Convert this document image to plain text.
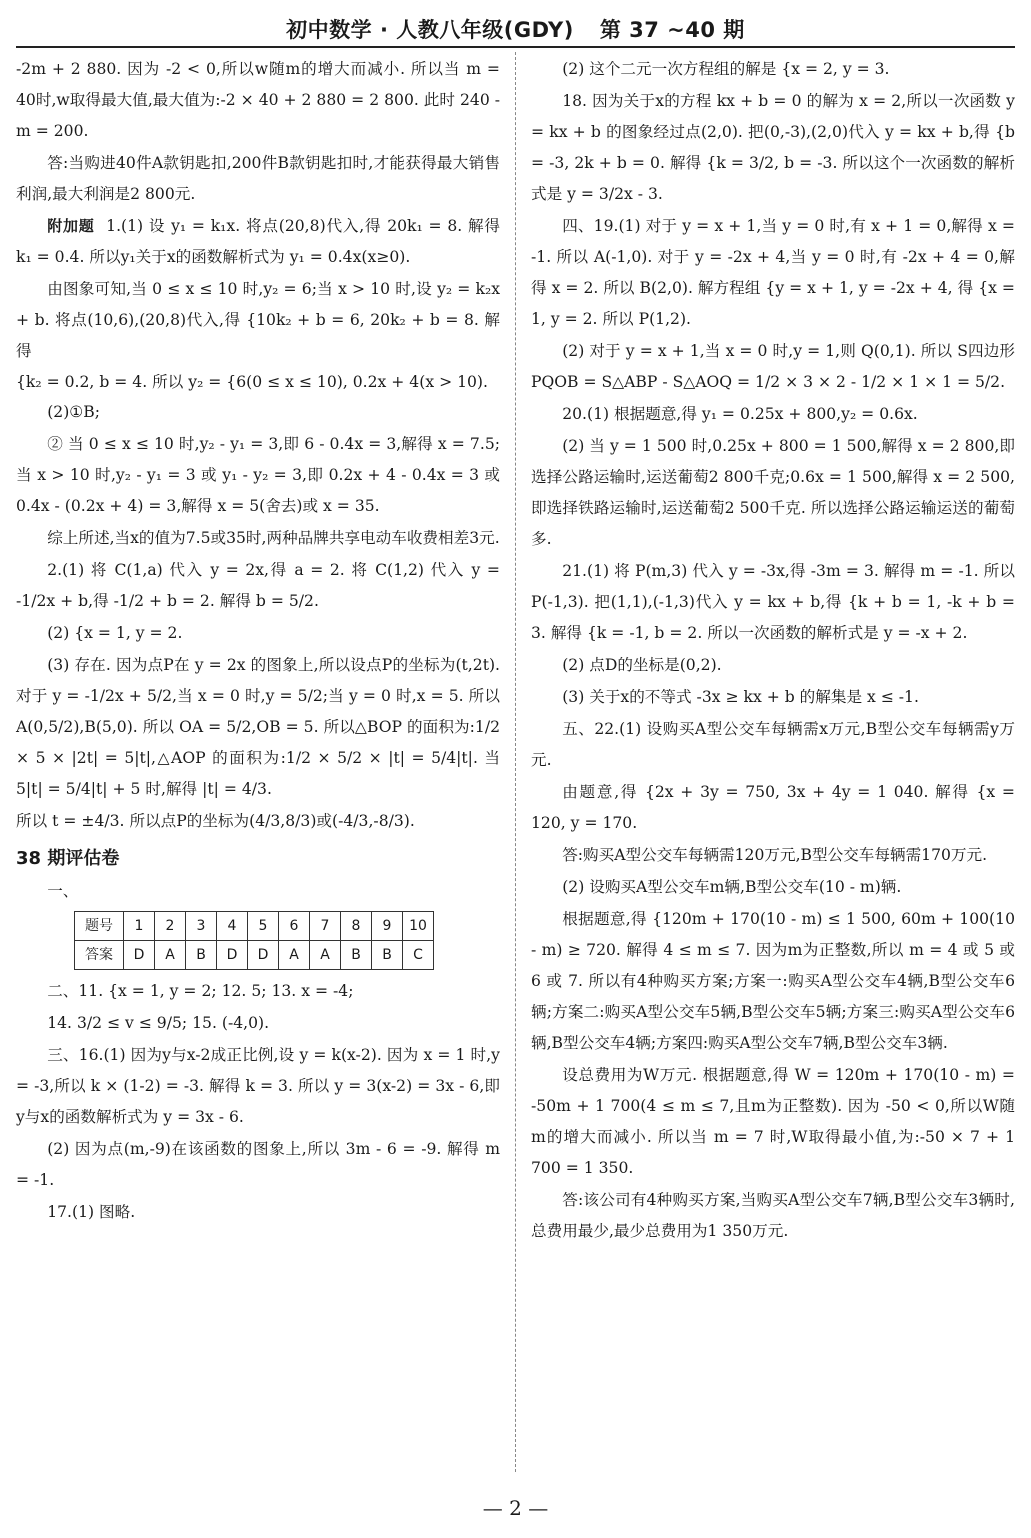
初中数学 · 人教八年级(GDY) 第 37 ~40 期

-2m + 2 880. 因为 -2 < 0,所以w随m的增大而减小. 所以当 m = 40时,w取得最大值,最大值为:-2 × 40 + 2 880 = 2 800. 此时 240 - m = 200.

答:当购进40件A款钥匙扣,200件B款钥匙扣时,才能获得最大销售利润,最大利润是2 800元.

附加题 1.(1) 设 y₁ = k₁x. 将点(20,8)代入,得 20k₁ = 8. 解得 k₁ = 0.4. 所以y₁关于x的函数解析式为 y₁ = 0.4x(x≥0).

由图象可知,当 0 ≤ x ≤ 10 时,y₂ = 6;当 x > 10 时,设 y₂ = k₂x + b. 将点(10,6),(20,8)代入,得 {10k₂ + b = 6, 20k₂ + b = 8. 解得

{k₂ = 0.2, b = 4. 所以 y₂ = {6(0 ≤ x ≤ 10), 0.2x + 4(x > 10).

(2)①B;

② 当 0 ≤ x ≤ 10 时,y₂ - y₁ = 3,即 6 - 0.4x = 3,解得 x = 7.5;当 x > 10 时,y₂ - y₁ = 3 或 y₁ - y₂ = 3,即 0.2x + 4 - 0.4x = 3 或 0.4x - (0.2x + 4) = 3,解得 x = 5(舍去)或 x = 35.

综上所述,当x的值为7.5或35时,两种品牌共享电动车收费相差3元.

2.(1) 将 C(1,a) 代入 y = 2x,得 a = 2. 将 C(1,2) 代入 y = -1/2x + b,得 -1/2 + b = 2. 解得 b = 5/2.

(2) {x = 1, y = 2.

(3) 存在. 因为点P在 y = 2x 的图象上,所以设点P的坐标为(t,2t). 对于 y = -1/2x + 5/2,当 x = 0 时,y = 5/2;当 y = 0 时,x = 5. 所以 A(0,5/2),B(5,0). 所以 OA = 5/2,OB = 5. 所以△BOP 的面积为:1/2 × 5 × |2t| = 5|t|,△AOP 的面积为:1/2 × 5/2 × |t| = 5/4|t|. 当 5|t| = 5/4|t| + 5 时,解得 |t| = 4/3.

所以 t = ±4/3. 所以点P的坐标为(4/3,8/3)或(-4/3,-8/3).

38 期评估卷

一、

题号	1	2	3	4	5	6	7	8	9	10
答案	D	A	B	D	D	A	A	B	B	C

二、11. {x = 1, y = 2; 12. 5; 13. x = -4;

14. 3/2 ≤ v ≤ 9/5; 15. (-4,0).

三、16.(1) 因为y与x-2成正比例,设 y = k(x-2). 因为 x = 1 时,y = -3,所以 k × (1-2) = -3. 解得 k = 3. 所以 y = 3(x-2) = 3x - 6,即y与x的函数解析式为 y = 3x - 6.

(2) 因为点(m,-9)在该函数的图象上,所以 3m - 6 = -9. 解得 m = -1.

17.(1) 图略.

(2) 这个二元一次方程组的解是 {x = 2, y = 3.

18. 因为关于x的方程 kx + b = 0 的解为 x = 2,所以一次函数 y = kx + b 的图象经过点(2,0). 把(0,-3),(2,0)代入 y = kx + b,得 {b = -3, 2k + b = 0. 解得 {k = 3/2, b = -3. 所以这个一次函数的解析式是 y = 3/2x - 3.

四、19.(1) 对于 y = x + 1,当 y = 0 时,有 x + 1 = 0,解得 x = -1. 所以 A(-1,0). 对于 y = -2x + 4,当 y = 0 时,有 -2x + 4 = 0,解得 x = 2. 所以 B(2,0). 解方程组 {y = x + 1, y = -2x + 4, 得 {x = 1, y = 2. 所以 P(1,2).

(2) 对于 y = x + 1,当 x = 0 时,y = 1,则 Q(0,1). 所以 S四边形PQOB = S△ABP - S△AOQ = 1/2 × 3 × 2 - 1/2 × 1 × 1 = 5/2.

20.(1) 根据题意,得 y₁ = 0.25x + 800,y₂ = 0.6x.

(2) 当 y = 1 500 时,0.25x + 800 = 1 500,解得 x = 2 800,即选择公路运输时,运送葡萄2 800千克;0.6x = 1 500,解得 x = 2 500,即选择铁路运输时,运送葡萄2 500千克. 所以选择公路运输运送的葡萄多.

21.(1) 将 P(m,3) 代入 y = -3x,得 -3m = 3. 解得 m = -1. 所以 P(-1,3). 把(1,1),(-1,3)代入 y = kx + b,得 {k + b = 1, -k + b = 3. 解得 {k = -1, b = 2. 所以一次函数的解析式是 y = -x + 2.

(2) 点D的坐标是(0,2).

(3) 关于x的不等式 -3x ≥ kx + b 的解集是 x ≤ -1.

五、22.(1) 设购买A型公交车每辆需x万元,B型公交车每辆需y万元.

由题意,得 {2x + 3y = 750, 3x + 4y = 1 040. 解得 {x = 120, y = 170.

答:购买A型公交车每辆需120万元,B型公交车每辆需170万元.

(2) 设购买A型公交车m辆,B型公交车(10 - m)辆.

根据题意,得 {120m + 170(10 - m) ≤ 1 500, 60m + 100(10 - m) ≥ 720. 解得 4 ≤ m ≤ 7. 因为m为正整数,所以 m = 4 或 5 或 6 或 7. 所以有4种购买方案;方案一:购买A型公交车4辆,B型公交车6辆;方案二:购买A型公交车5辆,B型公交车5辆;方案三:购买A型公交车6辆,B型公交车4辆;方案四:购买A型公交车7辆,B型公交车3辆.

设总费用为W万元. 根据题意,得 W = 120m + 170(10 - m) = -50m + 1 700(4 ≤ m ≤ 7,且m为正整数). 因为 -50 < 0,所以W随m的增大而减小. 所以当 m = 7 时,W取得最小值,为:-50 × 7 + 1 700 = 1 350.

答:该公司有4种购买方案,当购买A型公交车7辆,B型公交车3辆时,总费用最少,最少总费用为1 350万元.

— 2 —
